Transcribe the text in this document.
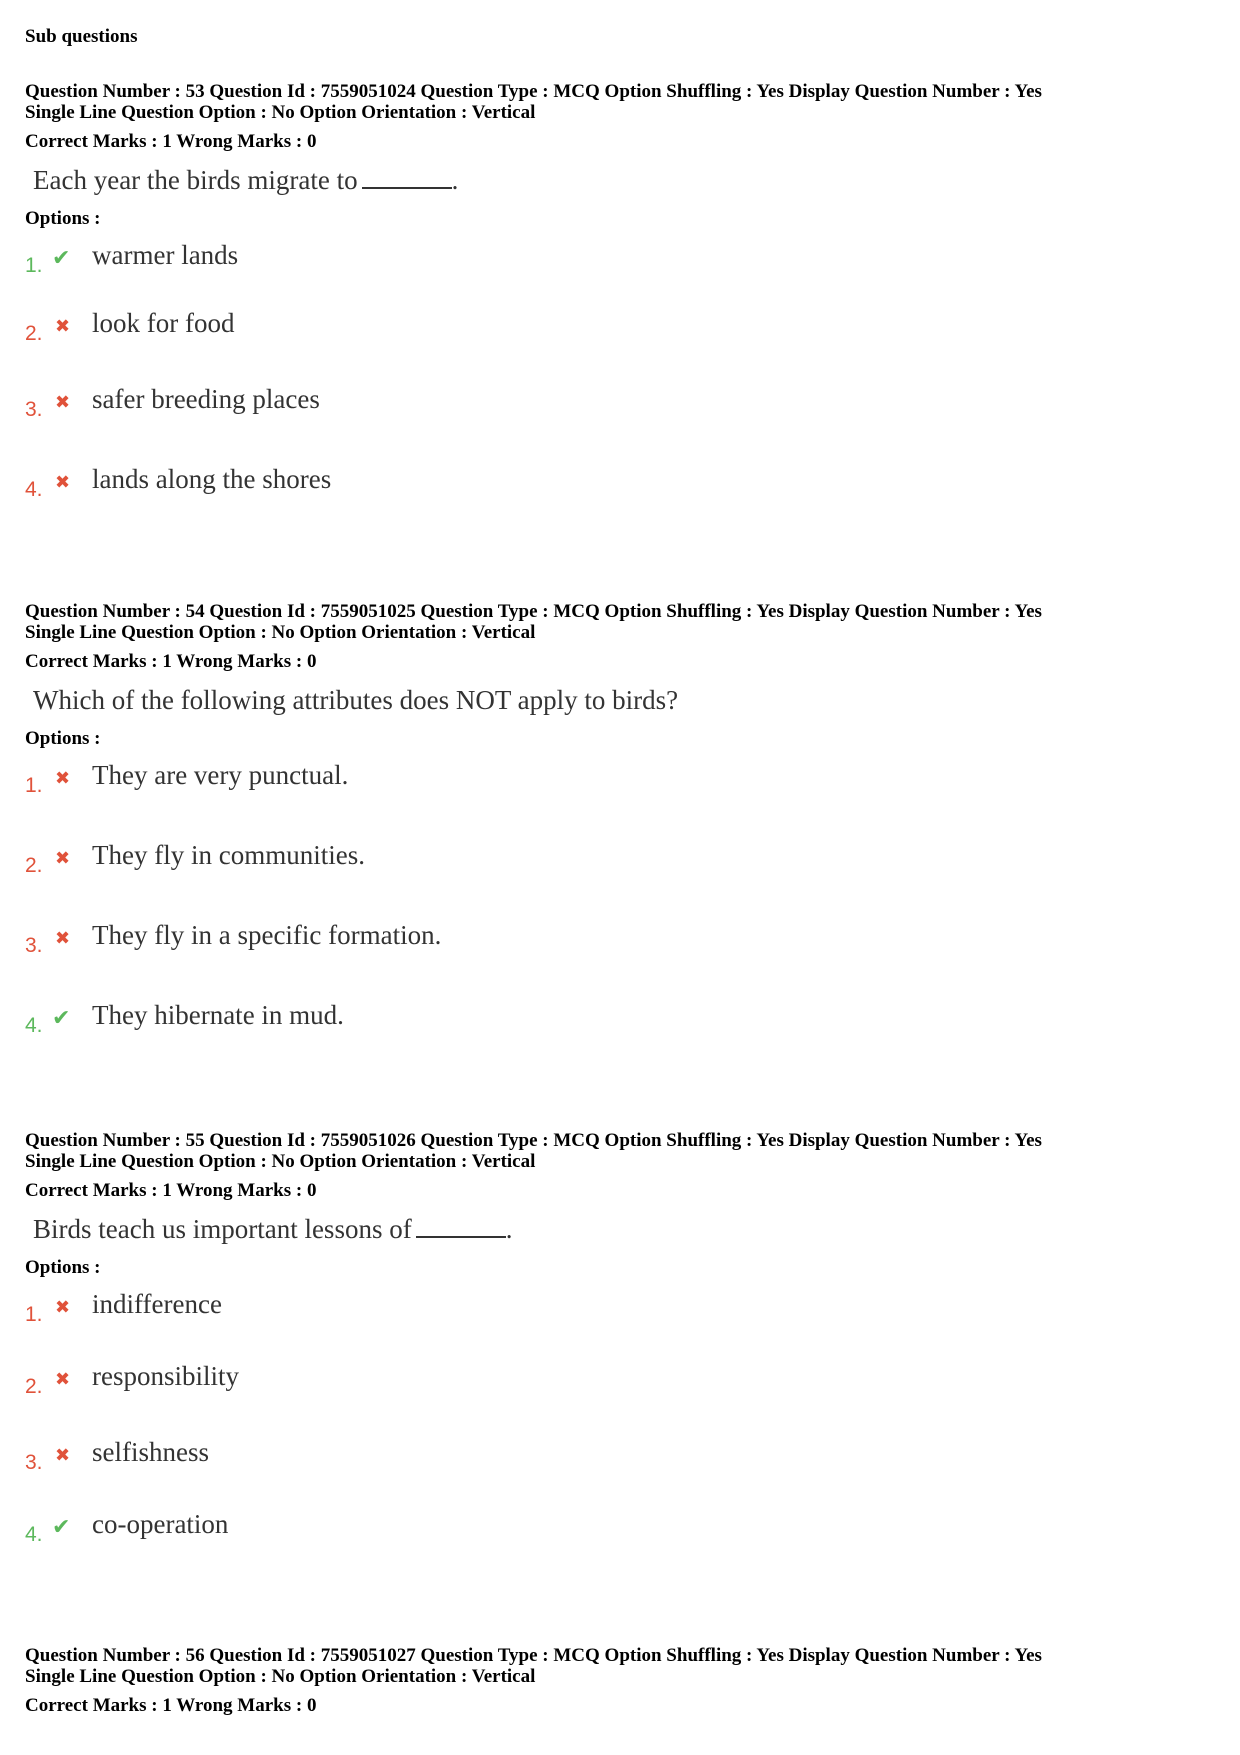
Sub questions
Question Number : 53 Question Id : 7559051024 Question Type : MCQ Option Shuffling : Yes Display Question Number : Yes
Single Line Question Option : No Option Orientation : Vertical
Correct Marks : 1 Wrong Marks : 0
Each year the birds migrate to	.
Options :
1. ✔ warmer lands
2. ✖ look for food
3. ✖ safer breeding places
4. ✖ lands along the shores
Question Number : 54 Question Id : 7559051025 Question Type : MCQ Option Shuffling : Yes Display Question Number : Yes
Single Line Question Option : No Option Orientation : Vertical
Correct Marks : 1 Wrong Marks : 0
Which of the following attributes does NOT apply to birds?
Options :
1. ✖ They are very punctual.
2. ✖ They fly in communities.
3. ✖ They fly in a specific formation.
4. ✔ They hibernate in mud.
Question Number : 55 Question Id : 7559051026 Question Type : MCQ Option Shuffling : Yes Display Question Number : Yes
Single Line Question Option : No Option Orientation : Vertical
Correct Marks : 1 Wrong Marks : 0
Birds teach us important lessons of	.
Options :
1. ✖ indifference
2. ✖ responsibility
3. ✖ selfishness
4. ✔ co-operation
Question Number : 56 Question Id : 7559051027 Question Type : MCQ Option Shuffling : Yes Display Question Number : Yes
Single Line Question Option : No Option Orientation : Vertical
Correct Marks : 1 Wrong Marks : 0
